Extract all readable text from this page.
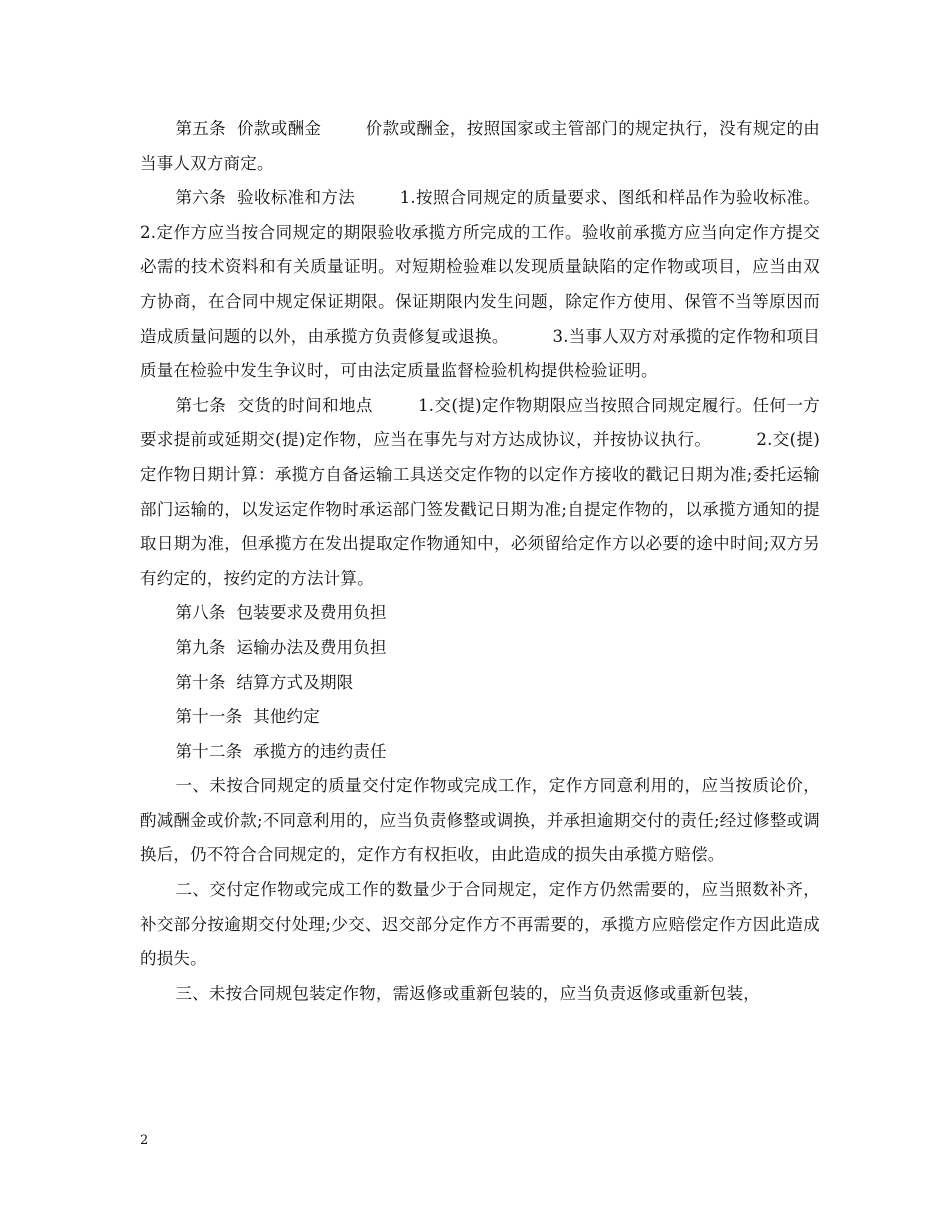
第五条  价款或酬金        价款或酬金，按照国家或主管部门的规定执行，没有规定的由当事人双方商定。

第六条  验收标准和方法        1.按照合同规定的质量要求、图纸和样品作为验收标准。        2.定作方应当按合同规定的期限验收承揽方所完成的工作。验收前承揽方应当向定作方提交必需的技术资料和有关质量证明。对短期检验难以发现质量缺陷的定作物或项目，应当由双方协商，在合同中规定保证期限。保证期限内发生问题，除定作方使用、保管不当等原因而造成质量问题的以外，由承揽方负责修复或退换。        3.当事人双方对承揽的定作物和项目质量在检验中发生争议时，可由法定质量监督检验机构提供检验证明。

第七条  交货的时间和地点        1.交(提)定作物期限应当按照合同规定履行。任何一方要求提前或延期交(提)定作物，应当在事先与对方达成协议，并按协议执行。        2.交(提)定作物日期计算：承揽方自备运输工具送交定作物的以定作方接收的戳记日期为准;委托运输部门运输的，以发运定作物时承运部门签发戳记日期为准;自提定作物的，以承揽方通知的提取日期为准，但承揽方在发出提取定作物通知中，必须留给定作方以必要的途中时间;双方另有约定的，按约定的方法计算。

第八条  包装要求及费用负担

第九条  运输办法及费用负担

第十条  结算方式及期限

第十一条  其他约定

第十二条  承揽方的违约责任

一、未按合同规定的质量交付定作物或完成工作，定作方同意利用的，应当按质论价，酌减酬金或价款;不同意利用的，应当负责修整或调换，并承担逾期交付的责任;经过修整或调换后，仍不符合合同规定的，定作方有权拒收，由此造成的损失由承揽方赔偿。

二、交付定作物或完成工作的数量少于合同规定，定作方仍然需要的，应当照数补齐，补交部分按逾期交付处理;少交、迟交部分定作方不再需要的，承揽方应赔偿定作方因此造成的损失。

三、未按合同规包装定作物，需返修或重新包装的，应当负责返修或重新包装，

2
